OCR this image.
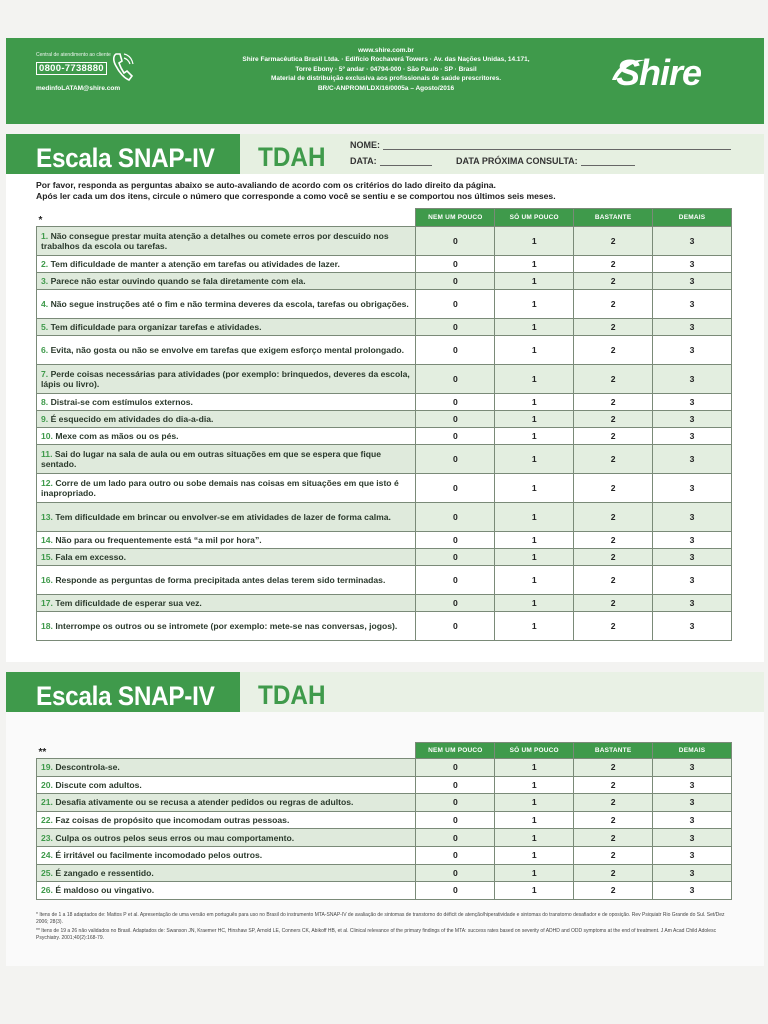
Central de atendimento ao cliente
0800-7738880
medinfoLATAM@shire.com
www.shire.com.br
Shire Farmacêutica Brasil Ltda. · Edifício Rochaverá Towers · Av. das Nações Unidas, 14.171,
Torre Ebony · 5º andar · 04794-000 · São Paulo · SP · Brasil
Material de distribuição exclusiva aos profissionais de saúde prescritores.
BR/C-ANPROM/LDX/16/0005a – Agosto/2016	Shire
Escala SNAP-IV TDAH	NOME:
DATA:	DATA PRÓXIMA CONSULTA:
Por favor, responda as perguntas abaixo se auto-avaliando de acordo com os critérios do lado direito da página.
Após ler cada um dos itens, circule o número que corresponde a como você se sentiu e se comportou nos últimos seis meses.
*	NEM UM POUCO	SÓ UM POUCO	BASTANTE	DEMAIS
1. Não consegue prestar muita atenção a detalhes ou comete erros por descuido nos trabalhos da escola ou tarefas.	0	1	2	3
2. Tem dificuldade de manter a atenção em tarefas ou atividades de lazer.	0	1	2	3
3. Parece não estar ouvindo quando se fala diretamente com ela.	0	1	2	3
4. Não segue instruções até o fim e não termina deveres da escola, tarefas ou obrigações.	0	1	2	3
5. Tem dificuldade para organizar tarefas e atividades.	0	1	2	3
6. Evita, não gosta ou não se envolve em tarefas que exigem esforço mental prolongado.	0	1	2	3
7. Perde coisas necessárias para atividades (por exemplo: brinquedos, deveres da escola, lápis ou livro).	0	1	2	3
8. Distrai-se com estímulos externos.	0	1	2	3
9. É esquecido em atividades do dia-a-dia.	0	1	2	3
10. Mexe com as mãos ou os pés.	0	1	2	3
11. Sai do lugar na sala de aula ou em outras situações em que se espera que fique sentado.	0	1	2	3
12. Corre de um lado para outro ou sobe demais nas coisas em situações em que isto é inapropriado.	0	1	2	3
13. Tem dificuldade em brincar ou envolver-se em atividades de lazer de forma calma.	0	1	2	3
14. Não para ou frequentemente está “a mil por hora”.	0	1	2	3
15. Fala em excesso.	0	1	2	3
16. Responde as perguntas de forma precipitada antes delas terem sido terminadas.	0	1	2	3
17. Tem dificuldade de esperar sua vez.	0	1	2	3
18. Interrompe os outros ou se intromete (por exemplo: mete-se nas conversas, jogos).	0	1	2	3
Escala SNAP-IV TDAH
**	NEM UM POUCO	SÓ UM POUCO	BASTANTE	DEMAIS
19. Descontrola-se.	0	1	2	3
20. Discute com adultos.	0	1	2	3
21. Desafia ativamente ou se recusa a atender pedidos ou regras de adultos.	0	1	2	3
22. Faz coisas de propósito que incomodam outras pessoas.	0	1	2	3
23. Culpa os outros pelos seus erros ou mau comportamento.	0	1	2	3
24. É irritável ou facilmente incomodado pelos outros.	0	1	2	3
25. É zangado e ressentido.	0	1	2	3
26. É maldoso ou vingativo.	0	1	2	3

* Itens de 1 a 18 adaptados de: Mattos P et al. Apresentação de uma versão em português para uso no Brasil do instrumento MTA-SNAP-IV de avaliação de sintomas de transtorno do déficit de atenção/hiperatividade e sintomas do transtorno desafiador e de oposição. Rev Psiquiatr Rio Grande do Sul. Set/Dez 2006; 28(3).

** Itens de 19 a 26 não validados no Brasil. Adaptados de: Swanson JN, Kraemer HC, Hinshaw SP, Arnold LE, Conners CK, Abikoff HB, et al. Clinical relevance of the primary findings of the MTA: success rates based on severity of ADHD and ODD symptoms at the end of treatment. J Am Acad Child Adolesc Psychiatry. 2001;40(2):168-79.
